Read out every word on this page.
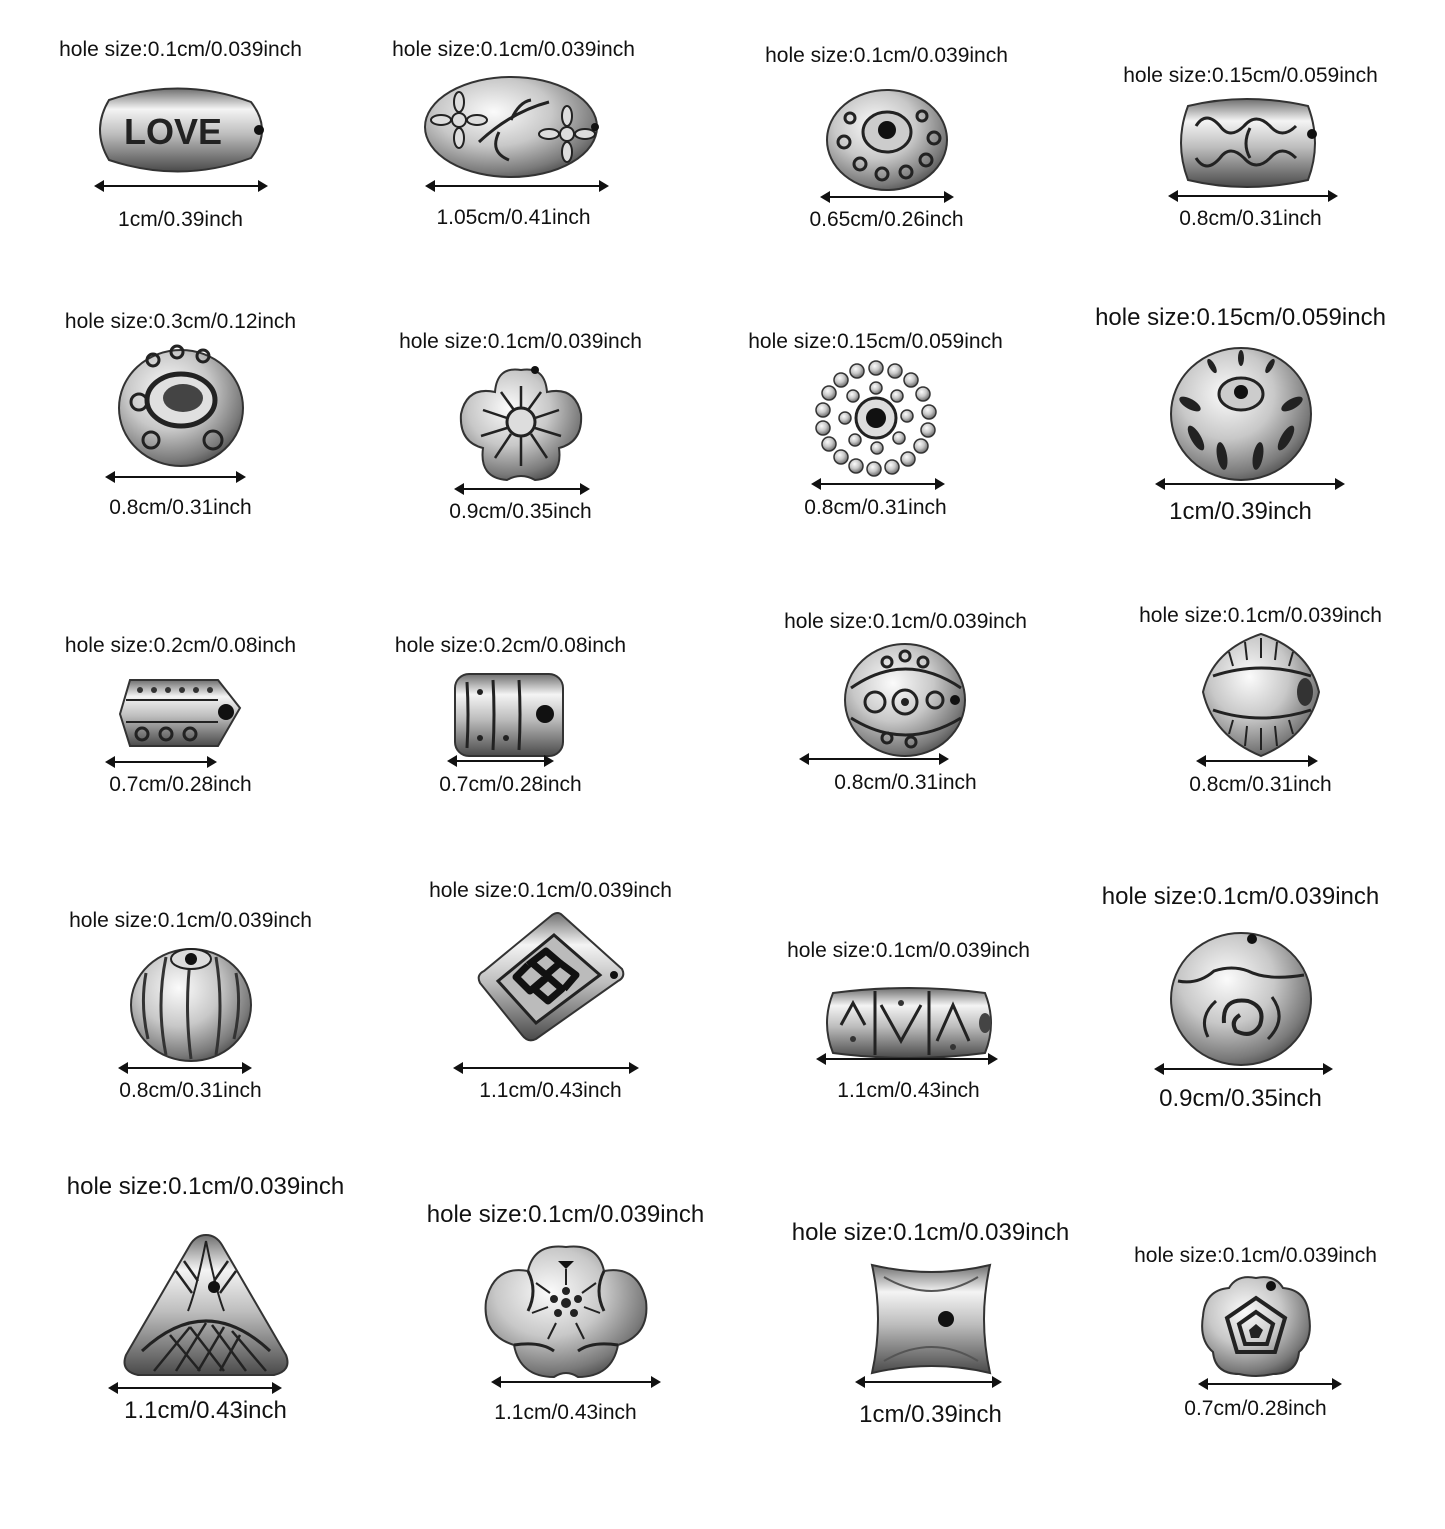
hole size:0.1cm/0.039inch
LOVE
1cm/0.39inch
hole size:0.1cm/0.039inch
1.05cm/0.41inch
hole size:0.1cm/0.039inch
0.65cm/0.26inch
hole size:0.15cm/0.059inch
0.8cm/0.31inch
hole size:0.3cm/0.12inch
0.8cm/0.31inch
hole size:0.1cm/0.039inch
0.9cm/0.35inch
hole size:0.15cm/0.059inch
0.8cm/0.31inch
hole size:0.15cm/0.059inch
1cm/0.39inch
hole size:0.2cm/0.08inch
0.7cm/0.28inch
hole size:0.2cm/0.08inch
0.7cm/0.28inch
hole size:0.1cm/0.039inch
0.8cm/0.31inch
hole size:0.1cm/0.039inch
0.8cm/0.31inch
hole size:0.1cm/0.039inch
0.8cm/0.31inch
hole size:0.1cm/0.039inch
1.1cm/0.43inch
hole size:0.1cm/0.039inch
1.1cm/0.43inch
hole size:0.1cm/0.039inch
0.9cm/0.35inch
hole size:0.1cm/0.039inch
1.1cm/0.43inch
hole size:0.1cm/0.039inch
1.1cm/0.43inch
hole size:0.1cm/0.039inch
1cm/0.39inch
hole size:0.1cm/0.039inch
0.7cm/0.28inch
